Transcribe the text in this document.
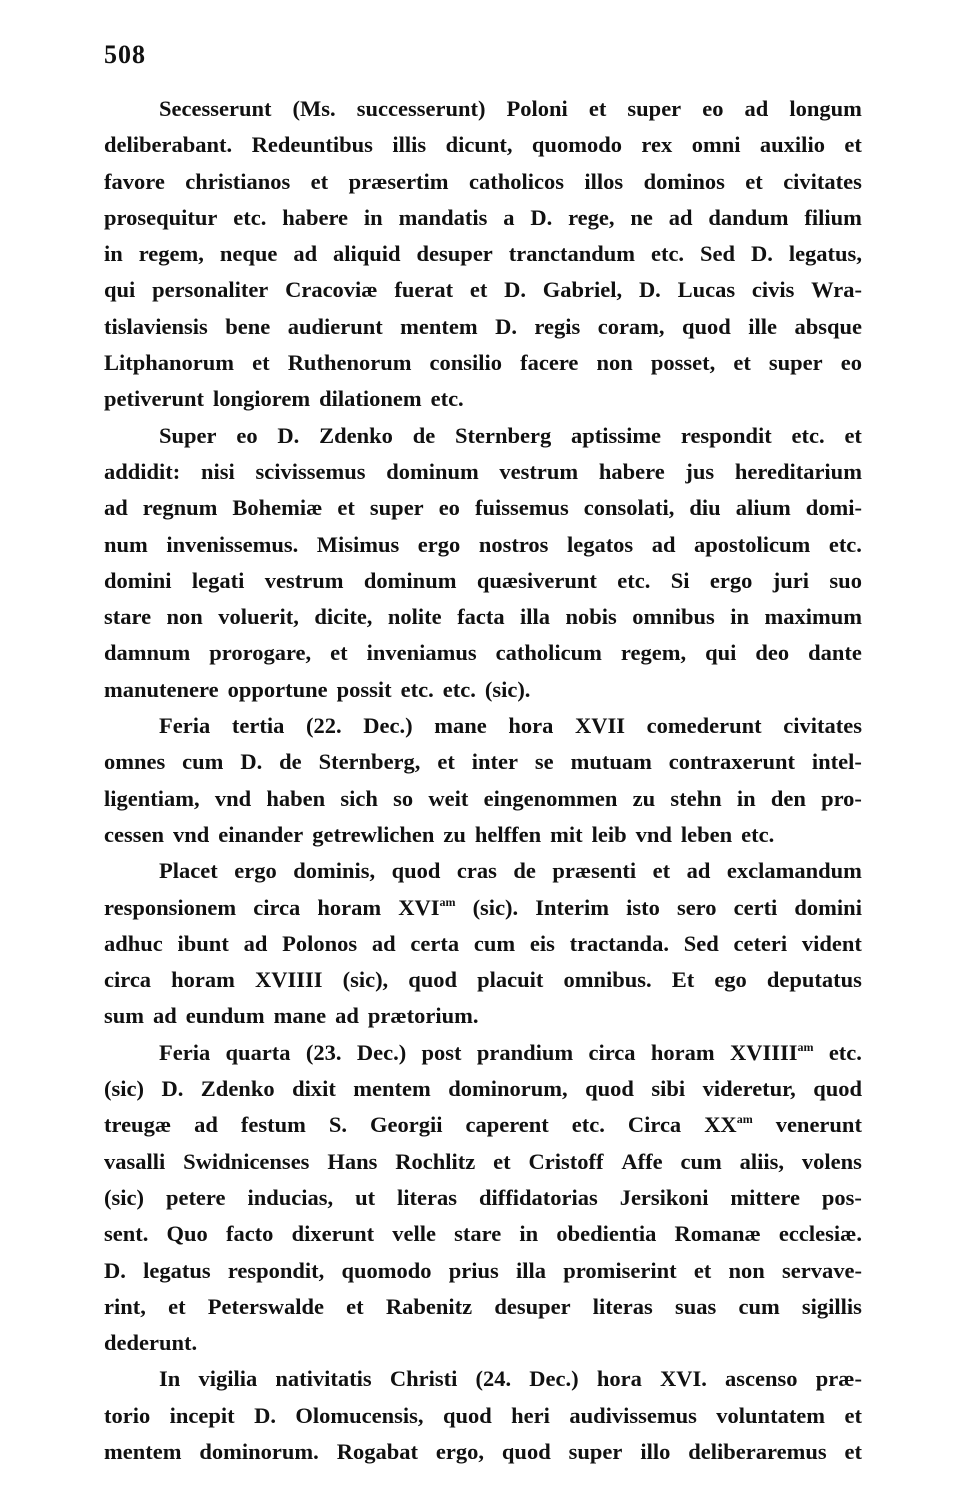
508
Secesserunt (Ms. successerunt) Poloni et super eo ad longum
deliberabant. Redeuntibus illis dicunt, quomodo rex omni auxilio et
favore christianos et præsertim catholicos illos dominos et civitates
prosequitur etc. habere in mandatis a D. rege, ne ad dandum filium
in regem, neque ad aliquid desuper tranctandum etc. Sed D. legatus,
qui personaliter Cracoviæ fuerat et D. Gabriel, D. Lucas civis Wra-
tislaviensis bene audierunt mentem D. regis coram, quod ille absque
Litphanorum et Ruthenorum consilio facere non posset, et super eo
petiverunt longiorem dilationem etc.
Super eo D. Zdenko de Sternberg aptissime respondit etc. et
addidit: nisi scivissemus dominum vestrum habere jus hereditarium
ad regnum Bohemiæ et super eo fuissemus consolati, diu alium domi-
num invenissemus. Misimus ergo nostros legatos ad apostolicum etc.
domini legati vestrum dominum quæsiverunt etc. Si ergo juri suo
stare non voluerit, dicite, nolite facta illa nobis omnibus in maximum
damnum prorogare, et inveniamus catholicum regem, qui deo dante
manutenere opportune possit etc. etc. (sic).
Feria tertia (22. Dec.) mane hora XVII comederunt civitates
omnes cum D. de Sternberg, et inter se mutuam contraxerunt intel-
ligentiam, vnd haben sich so weit eingenommen zu stehn in den pro-
cessen vnd einander getrewlichen zu helffen mit leib vnd leben etc.
Placet ergo dominis, quod cras de præsenti et ad exclamandum
responsionem circa horam $XVI^{am}$ (sic). Interim isto sero certi domini
adhuc ibunt ad Polonos ad certa cum eis tractanda. Sed ceteri vident
circa horam XVIIII (sic), quod placuit omnibus. Et ego deputatus
sum ad eundum mane ad prætorium.
Feria quarta (23. Dec.) post prandium circa horam $XVIIII^{am}$ etc.
(sic) D. Zdenko dixit mentem dominorum, quod sibi videretur, quod
treugæ ad festum S. Georgii caperent etc. Circa $XX^{am}$ venerunt
vasalli Swidnicenses Hans Rochlitz et Cristoff Affe cum aliis, volens
(sic) petere inducias, ut literas diffidatorias Jersikoni mittere pos-
sent. Quo facto dixerunt velle stare in obedientia Romanæ ecclesiæ.
D. legatus respondit, quomodo prius illa promiserint et non servave-
rint, et Peterswalde et Rabenitz desuper literas suas cum sigillis
dederunt.
In vigilia nativitatis Christi (24. Dec.) hora XVI. ascenso præ-
torio incepit D. Olomucensis, quod heri audivissemus voluntatem et
mentem dominorum. Rogabat ergo, quod super illo deliberaremus et
